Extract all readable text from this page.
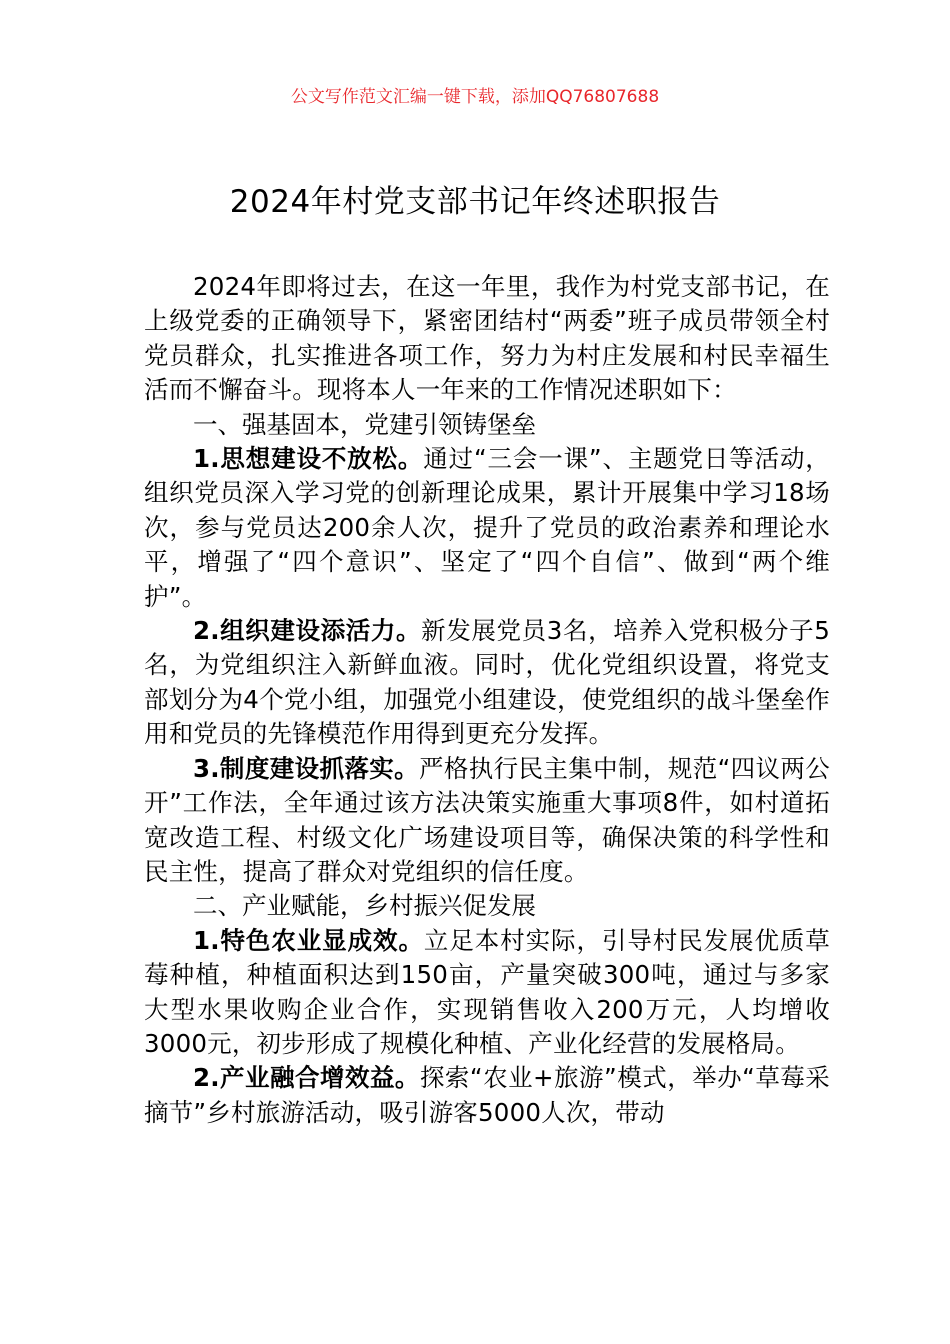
公文写作范文汇编一键下载，添加QQ76807688
2024年村党支部书记年终述职报告

2024年即将过去，在这一年里，我作为村党支部书记，在上级党委的正确领导下，紧密团结村“两委”班子成员带领全村党员群众，扎实推进各项工作，努力为村庄发展和村民幸福生活而不懈奋斗。现将本人一年来的工作情况述职如下：

一、强基固本，党建引领铸堡垒

1.思想建设不放松。通过“三会一课”、主题党日等活动，组织党员深入学习党的创新理论成果，累计开展集中学习18场次，参与党员达200余人次，提升了党员的政治素养和理论水平，增强了“四个意识”、坚定了“四个自信”、做到“两个维护”。

2.组织建设添活力。新发展党员3名，培养入党积极分子5名，为党组织注入新鲜血液。同时，优化党组织设置，将党支部划分为4个党小组，加强党小组建设，使党组织的战斗堡垒作用和党员的先锋模范作用得到更充分发挥。

3.制度建设抓落实。严格执行民主集中制，规范“四议两公开”工作法，全年通过该方法决策实施重大事项8件，如村道拓宽改造工程、村级文化广场建设项目等，确保决策的科学性和民主性，提高了群众对党组织的信任度。

二、产业赋能，乡村振兴促发展

1.特色农业显成效。立足本村实际，引导村民发展优质草莓种植，种植面积达到150亩，产量突破300吨，通过与多家大型水果收购企业合作，实现销售收入200万元，人均增收3000元，初步形成了规模化种植、产业化经营的发展格局。

2.产业融合增效益。探索“农业+旅游”模式，举办“草莓采摘节”乡村旅游活动，吸引游客5000人次，带动
